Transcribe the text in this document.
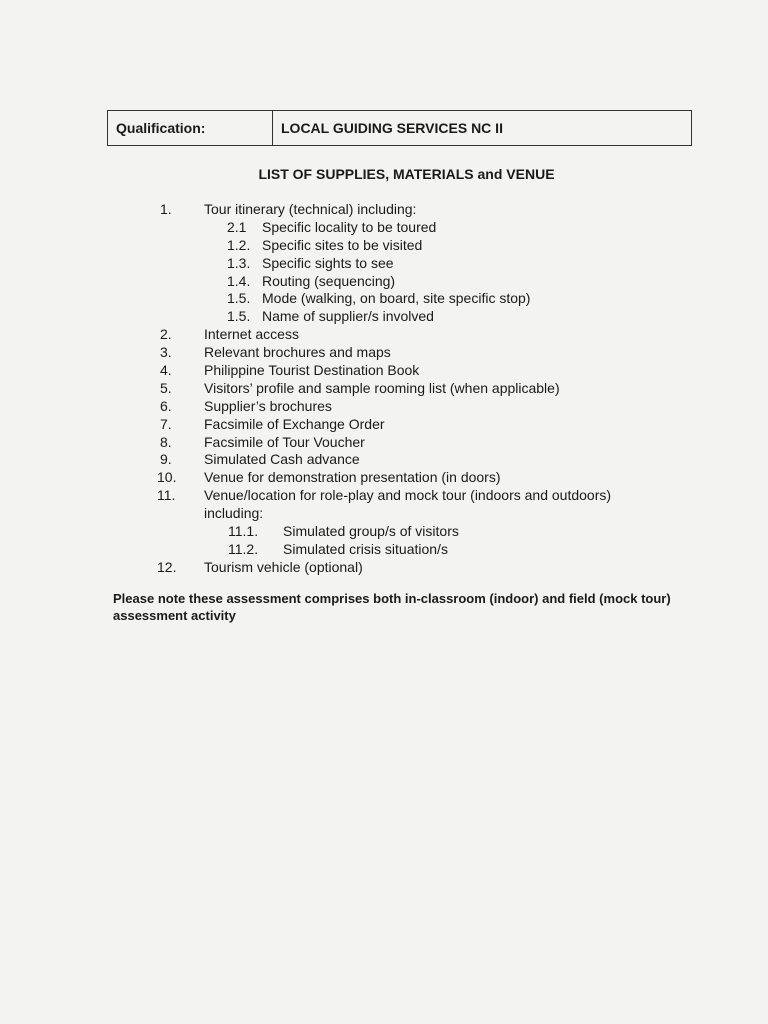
Qualification:	LOCAL GUIDING SERVICES NC II
LIST OF SUPPLIES, MATERIALS and VENUE
1. Tour itinerary (technical) including:
2.1 Specific locality to be toured
1.2. Specific sites to be visited
1.3. Specific sights to see
1.4. Routing (sequencing)
1.5. Mode (walking, on board, site specific stop)
1.5. Name of supplier/s involved
2. Internet access
3. Relevant brochures and maps
4. Philippine Tourist Destination Book
5. Visitors’ profile and sample rooming list (when applicable)
6. Supplier’s brochures
7. Facsimile of Exchange Order
8. Facsimile of Tour Voucher
9. Simulated Cash advance
10. Venue for demonstration presentation (in doors)
11. Venue/location for role-play and mock tour (indoors and outdoors)
including:
11.1. Simulated group/s of visitors
11.2. Simulated crisis situation/s
12. Tourism vehicle (optional)
Please note these assessment comprises both in-classroom (indoor) and field (mock tour) assessment activity
